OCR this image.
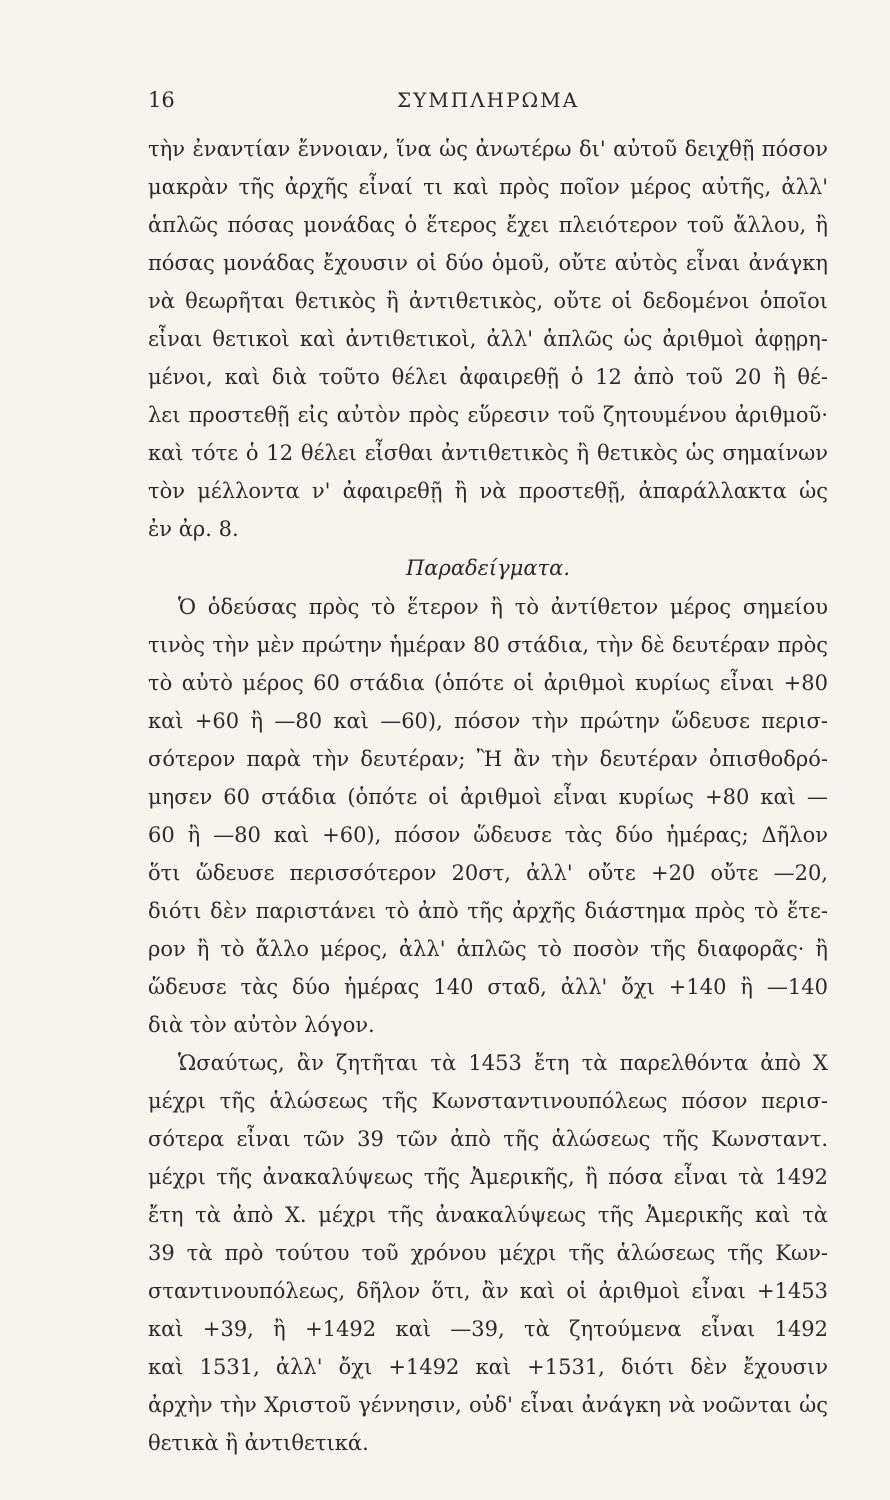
16	ΣΥΜΠΛΗΡΩΜΑ
τὴν ἐναντίαν ἔννοιαν, ἵνα ὡς ἀνωτέρω δι' αὐτοῦ δειχθῇ πόσον
μακρὰν τῆς ἀρχῆς εἶναί τι καὶ πρὸς ποῖον μέρος αὐτῆς, ἀλλ'
ἁπλῶς πόσας μονάδας ὁ ἕτερος ἔχει πλειότερον τοῦ ἄλλου, ἢ
πόσας μονάδας ἔχουσιν οἱ δύο ὁμοῦ, οὔτε αὐτὸς εἶναι ἀνάγκη
νὰ θεωρῆται θετικὸς ἢ ἀντιθετικὸς, οὔτε οἱ δεδομένοι ὁποῖοι
εἶναι θετικοὶ καὶ ἀντιθετικοὶ, ἀλλ' ἁπλῶς ὡς ἀριθμοὶ ἀφῃρη-
μένοι, καὶ διὰ τοῦτο θέλει ἀφαιρεθῇ ὁ 12 ἀπὸ τοῦ 20 ἢ θέ-
λει προστεθῇ εἰς αὐτὸν πρὸς εὕρεσιν τοῦ ζητουμένου ἀριθμοῦ·
καὶ τότε ὁ 12 θέλει εἶσθαι ἀντιθετικὸς ἢ θετικὸς ὡς σημαίνων
τὸν μέλλοντα ν' ἀφαιρεθῇ ἢ νὰ προστεθῇ, ἀπαράλλακτα ὡς
ἐν ἀρ. 8.
Παραδείγματα.
Ὁ ὁδεύσας πρὸς τὸ ἕτερον ἢ τὸ ἀντίθετον μέρος σημείου
τινὸς τὴν μὲν πρώτην ἡμέραν 80 στάδια, τὴν δὲ δευτέραν πρὸς
τὸ αὐτὸ μέρος 60 στάδια (ὁπότε οἱ ἀριθμοὶ κυρίως εἶναι +80
καὶ +60 ἢ —80 καὶ —60), πόσον τὴν πρώτην ὥδευσε περισ-
σότερον παρὰ τὴν δευτέραν; Ἢ ἂν τὴν δευτέραν ὀπισθοδρό-
μησεν 60 στάδια (ὁπότε οἱ ἀριθμοὶ εἶναι κυρίως +80 καὶ —
60 ἢ —80 καὶ +60), πόσον ὥδευσε τὰς δύο ἡμέρας; Δῆλον
ὅτι ὥδευσε περισσότερον 20στ, ἀλλ' οὔτε +20 οὔτε —20,
διότι δὲν παριστάνει τὸ ἀπὸ τῆς ἀρχῆς διάστημα πρὸς τὸ ἕτε-
ρον ἢ τὸ ἄλλο μέρος, ἀλλ' ἁπλῶς τὸ ποσὸν τῆς διαφορᾶς· ἢ
ὥδευσε τὰς δύο ἡμέρας 140 σταδ, ἀλλ' ὄχι +140 ἢ —140
διὰ τὸν αὐτὸν λόγον.
Ὡσαύτως, ἂν ζητῆται τὰ 1453 ἔτη τὰ παρελθόντα ἀπὸ Χ
μέχρι τῆς ἁλώσεως τῆς Κωνσταντινουπόλεως πόσον περισ-
σότερα εἶναι τῶν 39 τῶν ἀπὸ τῆς ἁλώσεως τῆς Κωνσταντ.
μέχρι τῆς ἀνακαλύψεως τῆς Ἀμερικῆς, ἢ πόσα εἶναι τὰ 1492
ἔτη τὰ ἀπὸ Χ. μέχρι τῆς ἀνακαλύψεως τῆς Ἀμερικῆς καὶ τὰ
39 τὰ πρὸ τούτου τοῦ χρόνου μέχρι τῆς ἁλώσεως τῆς Κων-
σταντινουπόλεως, δῆλον ὅτι, ἂν καὶ οἱ ἀριθμοὶ εἶναι +1453
καὶ +39, ἢ +1492 καὶ —39, τὰ ζητούμενα εἶναι 1492
καὶ 1531, ἀλλ' ὄχι +1492 καὶ +1531, διότι δὲν ἔχουσιν
ἀρχὴν τὴν Χριστοῦ γέννησιν, οὐδ' εἶναι ἀνάγκη νὰ νοῶνται ὡς
θετικὰ ἢ ἀντιθετικά.
